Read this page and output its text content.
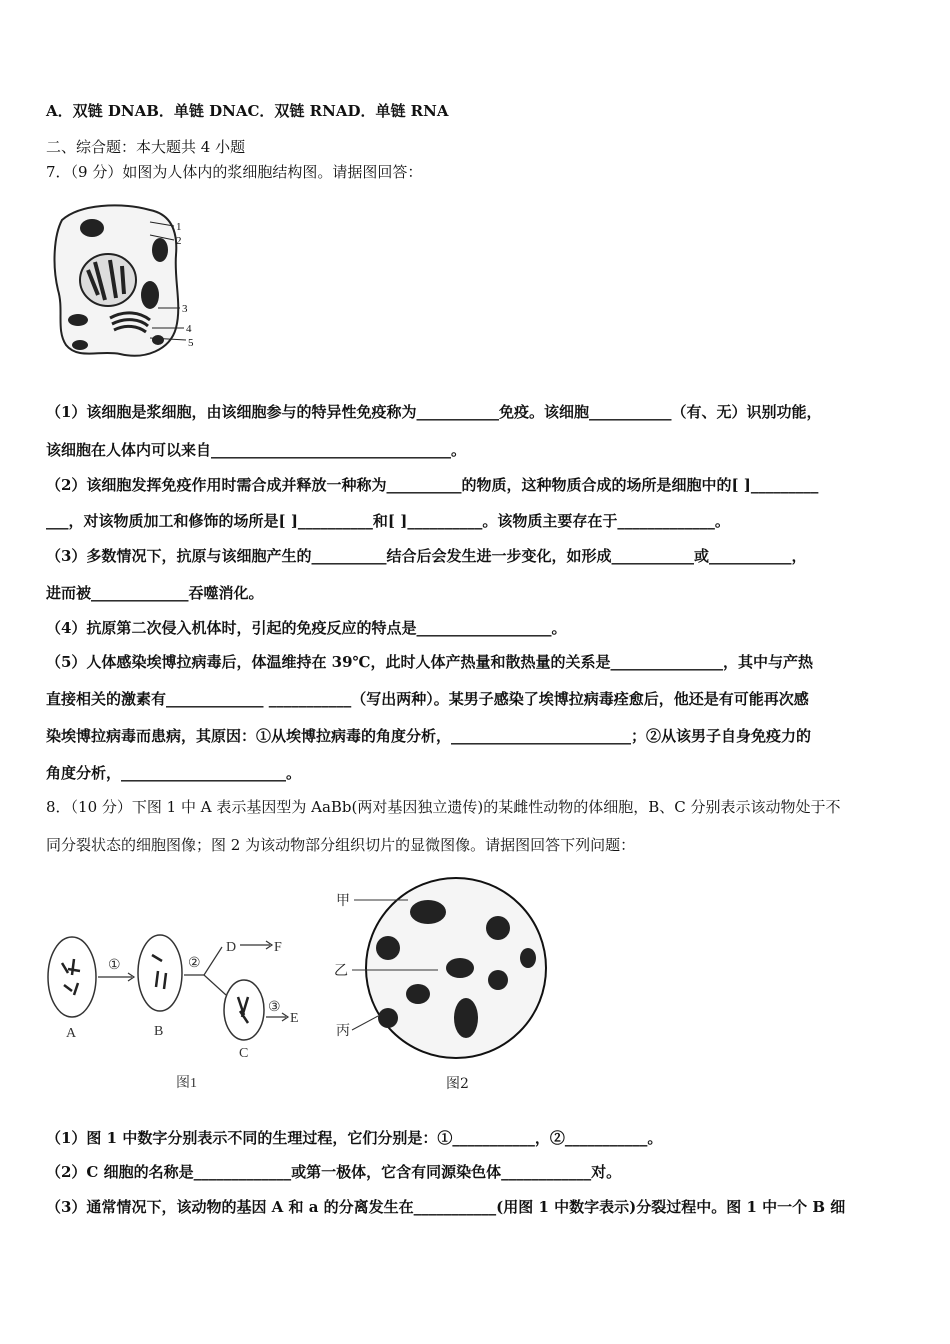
A．双链 DNAB．单链 DNAC．双链 RNAD．单链 RNA
二、综合题：本大题共 4 小题
7．（9 分）如图为人体内的浆细胞结构图。请据图回答：
1
2
3
4
5
（1）该细胞是浆细胞，由该细胞参与的特异性免疫称为___________免疫。该细胞___________（有、无）识别功能，
该细胞在人体内可以来自________________________________。
（2）该细胞发挥免疫作用时需合成并释放一种称为__________的物质，这种物质合成的场所是细胞中的[ ]_________
___，对该物质加工和修饰的场所是[ ]__________和[ ]__________。该物质主要存在于_____________。
（3）多数情况下，抗原与该细胞产生的__________结合后会发生进一步变化，如形成___________或___________，
进而被_____________吞噬消化。
（4）抗原第二次侵入机体时，引起的免疫反应的特点是__________________。
（5）人体感染埃博拉病毒后，体温维持在 39℃，此时人体产热量和散热量的关系是_______________，其中与产热
直接相关的激素有_____________ ___________（写出两种）。某男子感染了埃博拉病毒痊愈后，他还是有可能再次感
染埃博拉病毒而患病，其原因：①从埃博拉病毒的角度分析，________________________；②从该男子自身免疫力的
角度分析，______________________。
8．（10 分）下图 1 中 A 表示基因型为 AaBb(两对基因独立遗传)的某雌性动物的体细胞，B、C 分别表示该动物处于不
同分裂状态的细胞图像；图 2 为该动物部分组织切片的显微图像。请据图回答下列问题：
A	B
C
①	②
③
D	F
E
图1
甲
乙
丙
图2
（1）图 1 中数字分别表示不同的生理过程，它们分别是：①___________，②___________。
（2）C 细胞的名称是_____________或第一极体，它含有同源染色体____________对。
（3）通常情况下，该动物的基因 A 和 a 的分离发生在___________(用图 1 中数字表示)分裂过程中。图 1 中一个 B 细
